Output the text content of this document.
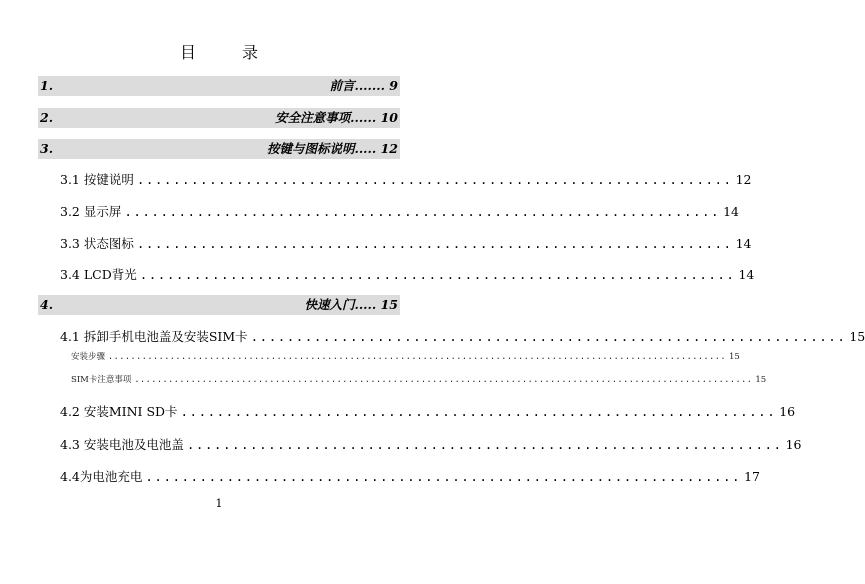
目	录
1.	前言....... 9
2.	安全注意事项...... 10
3.	按键与图标说明..... 12
3.1 按键说明 .................................................................. 12
3.2 显示屏 .................................................................. 14
3.3 状态图标 .................................................................. 14
3.4 LCD背光 .................................................................. 14
4.	快速入门..... 15
4.1 拆卸手机电池盖及安装SIM卡 .................................................................. 15
安装步骤 .............................................................................................................. 15
SIM卡注意事项 .............................................................................................................. 15
4.2 安装MINI SD卡 .................................................................. 16
4.3 安装电池及电池盖 .................................................................. 16
4.4为电池充电 .................................................................. 17
1
